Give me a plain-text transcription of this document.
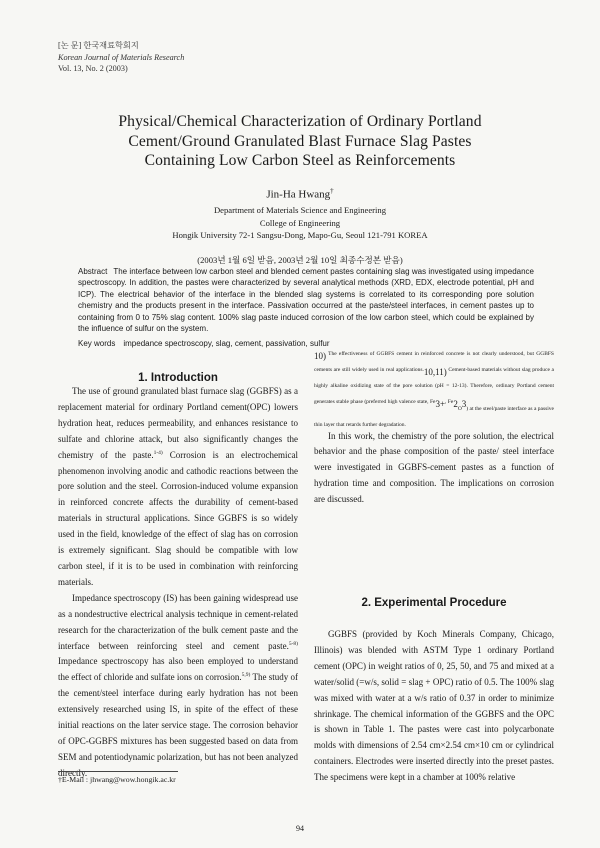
[논 문] 한국재료학회지
Korean Journal of Materials Research
Vol. 13, No. 2 (2003)
Physical/Chemical Characterization of Ordinary Portland
Cement/Ground Granulated Blast Furnace Slag Pastes
Containing Low Carbon Steel as Reinforcements
Jin-Ha Hwang†
Department of Materials Science and Engineering
College of Engineering
Hongik University 72-1 Sangsu-Dong, Mapo-Gu, Seoul 121-791 KOREA
(2003년 1월 6일 받음, 2003년 2월 10일 최종수정본 받음)
Abstract The interface between low carbon steel and blended cement pastes containing slag was investigated using impedance spectroscopy. In addition, the pastes were characterized by several analytical methods (XRD, EDX, electrode potential, pH and ICP). The electrical behavior of the interface in the blended slag systems is correlated to its corresponding pore solution chemistry and the products present in the interface. Passivation occurred at the paste/steel interfaces, in cement pastes up to containing from 0 to 75% slag content. 100% slag paste induced corrosion of the low carbon steel, which could be explained by the influence of sulfur on the system.
Key words impedance spectroscopy, slag, cement, passivation, sulfur
1. Introduction

The use of ground granulated blast furnace slag (GGBFS) as a replacement material for ordinary Portland cement(OPC) lowers hydration heat, reduces permeability, and enhances resistance to sulfate and chlorine attack, but also significantly changes the chemistry of the paste.$^{1-4)}$ Corrosion is an electrochemical phenomenon involving anodic and cathodic reactions between the pore solution and the steel. Corrosion-induced volume expansion in reinforced concrete affects the durability of cement-based materials in structural applications. Since GGBFS is so widely used in the field, knowledge of the effect of slag has on corrosion is extremely significant. Slag should be compatible with low carbon steel, if it is to be used in combination with reinforcing materials.

Impedance spectroscopy (IS) has been gaining widespread use as a nondestructive electrical analysis technique in cement-related research for the characterization of the bulk cement paste and the interface between reinforcing steel and cement paste.$^{5-8)}$ Impedance spectroscopy has also been employed to understand the effect of chloride and sulfate ions on corrosion.$^{5,9)}$ The study of the cement/steel interface during early hydration has not been extensively researched using IS, in spite of the effect of these initial reactions on the later service stage. The corrosion behavior of OPC-GGBFS mixtures has been suggested based on data from SEM and potentiodynamic polarization, but has not been analyzed directly.

10) $^{The effectiveness of GGBFS cement in reinforced concrete is not clearly understood, but GGBFS cements are still widely used in real applications.}$10,11) $^{Cement-based materials without slag produce a highly alkaline oxidizing state of the pore solution (pH = 12-13). Therefore, ordinary Portland cement generates stable phase (preferred high valence state, Fe}3+^{, Fe}2_O3_{) at the steel/paste interface as a passive thin layer that retards further degradation.}$

In this work, the chemistry of the pore solution, the electrical behavior and the phase composition of the paste/ steel interface were investigated in GGBFS-cement pastes as a function of hydration time and composition. The implications on corrosion are discussed.

2. Experimental Procedure

GGBFS (provided by Koch Minerals Company, Chicago, Illinois) was blended with ASTM Type 1 ordinary Portland cement (OPC) in weight ratios of 0, 25, 50, and 75 and mixed at a water/solid (=w/s, solid = slag + OPC) ratio of 0.5. The 100% slag was mixed with water at a w/s ratio of 0.37 in order to minimize shrinkage. The chemical information of the GGBFS and the OPC is shown in Table 1. The pastes were cast into polycarbonate molds with dimensions of 2.54 cm×2.54 cm×10 cm or cylindrical containers. Electrodes were inserted directly into the preset pastes. The specimens were kept in a chamber at 100% relative

†E-Mail : jhwang@wow.hongik.ac.kr
94
